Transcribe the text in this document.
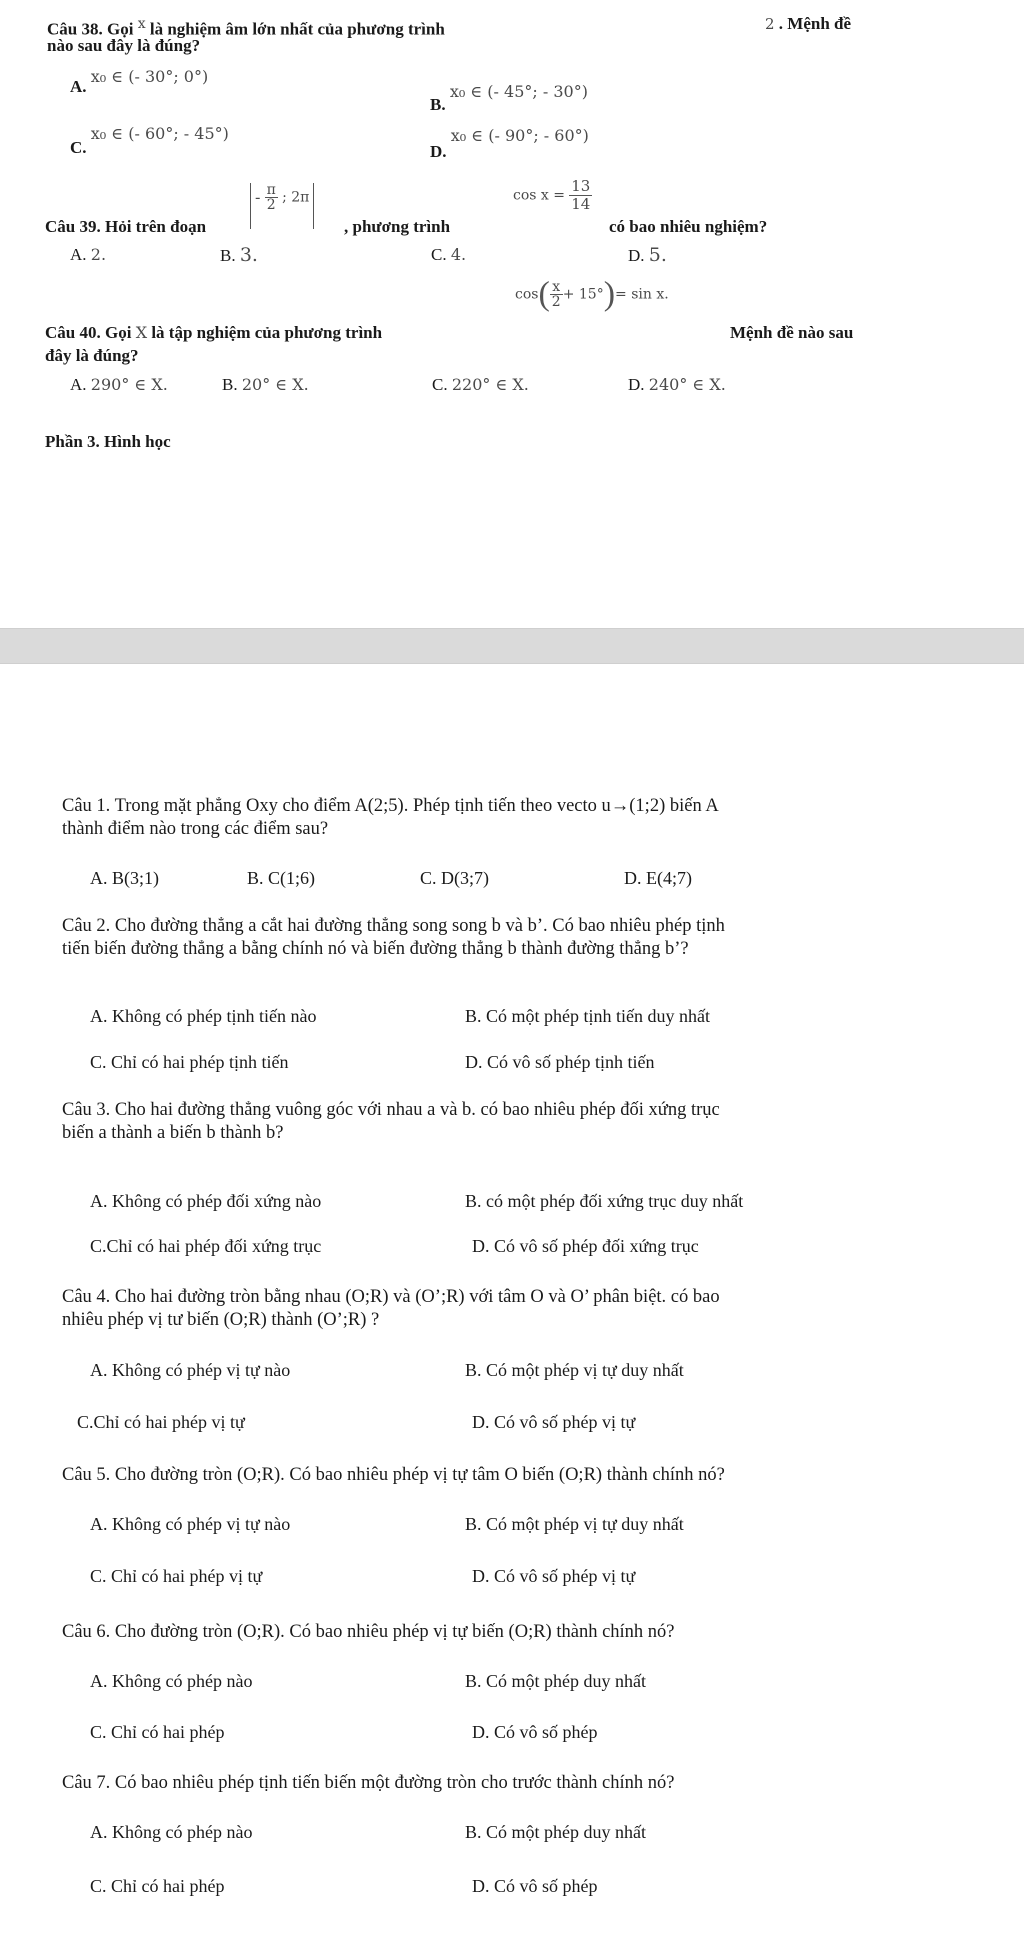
Câu 38. Gọi $^x$ là nghiệm âm lớn nhất của phương trình	2 . Mệnh đề
nào sau đây là đúng?
A. x₀ ∈ (- 30°; 0°)
B. x₀ ∈ (- 45°; - 30°)
C. x₀ ∈ (- 60°; - 45°)
D. x₀ ∈ (- 90°; - 60°)
Câu 39. Hỏi trên đoạn
- $\frac{\pi}{2}$ ; 2π
, phương trình
$\cos x = \frac{13}{14}$
có bao nhiêu nghiệm?
A. 2.	B. 3.	C. 4.	D. 5.
Câu 40. Gọi X là tập nghiệm của phương trình
$\cos( \frac{x}{2} + 15^\circ)= \sin x$.
Mệnh đề nào sau
đây là đúng?
A. 290° ∈ X.	B. 20° ∈ X.	C. 220° ∈ X.	D. 240° ∈ X.
Phần 3. Hình học
Câu 1. Trong mặt phẳng Oxy cho điểm A(2;5). Phép tịnh tiến theo vecto u→(1;2) biến A
thành điểm nào trong các điểm sau?
A. B(3;1)	B. C(1;6)	C. D(3;7)	D. E(4;7)
Câu 2. Cho đường thẳng a cắt hai đường thẳng song song b và b’. Có bao nhiêu phép tịnh
tiến biến đường thẳng a bằng chính nó và biến đường thẳng b thành đường thẳng b’?
A. Không có phép tịnh tiến nào	B. Có một phép tịnh tiến duy nhất
C. Chỉ có hai phép tịnh tiến	D. Có vô số phép tịnh tiến
Câu 3. Cho hai đường thẳng vuông góc với nhau a và b. có bao nhiêu phép đối xứng trục
biến a thành a biến b thành b?
A. Không có phép đối xứng nào	B. có một phép đối xứng trục duy nhất
C.Chỉ có hai phép đối xứng trục	D. Có vô số phép đối xứng trục
Câu 4. Cho hai đường tròn bằng nhau (O;R) và (O’;R) với tâm O và O’ phân biệt. có bao
nhiêu phép vị tư biến (O;R) thành (O’;R) ?
A. Không có phép vị tự nào	B. Có một phép vị tự duy nhất
C.Chỉ có hai phép vị tự	D. Có vô số phép vị tự
Câu 5. Cho đường tròn (O;R). Có bao nhiêu phép vị tự tâm O biến (O;R) thành chính nó?
A. Không có phép vị tự nào	B. Có một phép vị tự duy nhất
C. Chỉ có hai phép vị tự	D. Có vô số phép vị tự
Câu 6. Cho đường tròn (O;R). Có bao nhiêu phép vị tự biến (O;R) thành chính nó?
A. Không có phép nào	B. Có một phép duy nhất
C. Chỉ có hai phép	D. Có vô số phép
Câu 7. Có bao nhiêu phép tịnh tiến biến một đường tròn cho trước thành chính nó?
A. Không có phép nào	B. Có một phép duy nhất
C. Chỉ có hai phép	D. Có vô số phép
